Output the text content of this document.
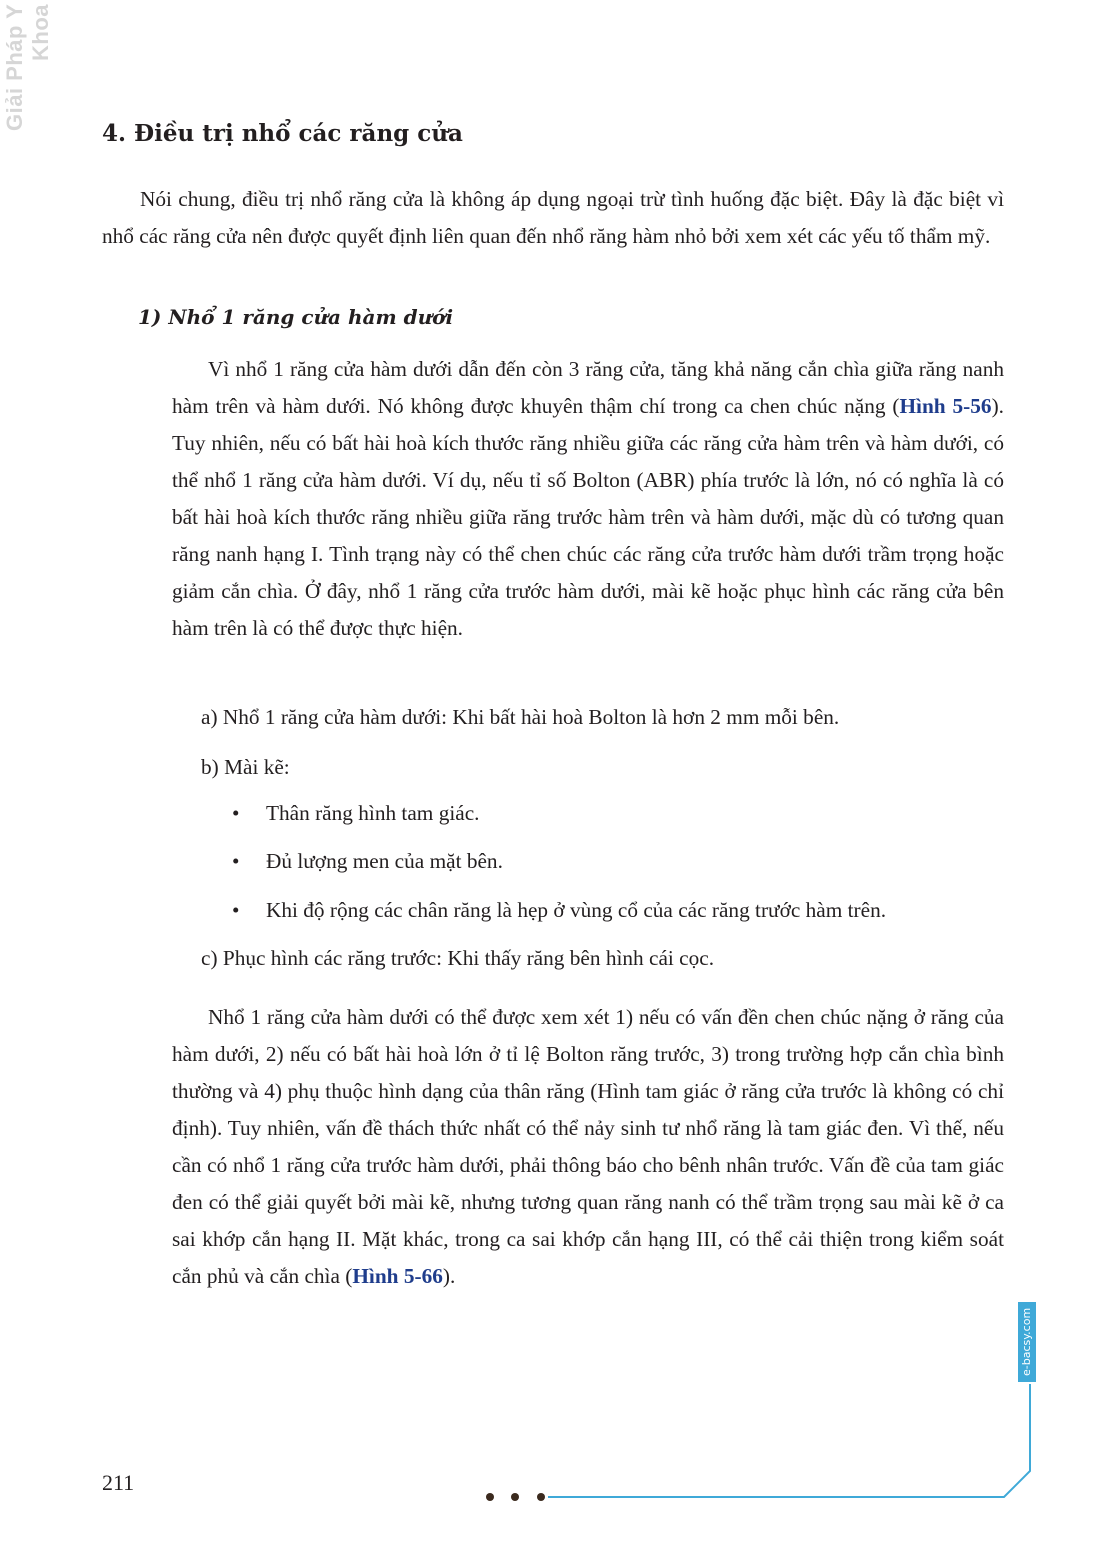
Giải Pháp Y Khoa
4. Điều trị nhổ các răng cửa

Nói chung, điều trị nhổ răng cửa là không áp dụng ngoại trừ tình huống đặc biệt. Đây là đặc biệt vì nhổ các răng cửa nên được quyết định liên quan đến nhổ răng hàm nhỏ bởi xem xét các yếu tố thẩm mỹ.

1) Nhổ 1 răng cửa hàm dưới

Vì nhổ 1 răng cửa hàm dưới dẫn đến còn 3 răng cửa, tăng khả năng cắn chìa giữa răng nanh hàm trên và hàm dưới. Nó không được khuyên thậm chí trong ca chen chúc nặng (Hình 5-56). Tuy nhiên, nếu có bất hài hoà kích thước răng nhiều giữa các răng cửa hàm trên và hàm dưới, có thể nhổ 1 răng cửa hàm dưới. Ví dụ, nếu tỉ số Bolton (ABR) phía trước là lớn, nó có nghĩa là có bất hài hoà kích thước răng nhiều giữa răng trước hàm trên và hàm dưới, mặc dù có tương quan răng nanh hạng I. Tình trạng này có thể chen chúc các răng cửa trước hàm dưới trầm trọng hoặc giảm cắn chìa. Ở đây, nhổ 1 răng cửa trước hàm dưới, mài kẽ hoặc phục hình các răng cửa bên hàm trên là có thể được thực hiện.

a) Nhổ 1 răng cửa hàm dưới: Khi bất hài hoà Bolton là hơn 2 mm mỗi bên.

b) Mài kẽ:

• Thân răng hình tam giác.
• Đủ lượng men của mặt bên.
• Khi độ rộng các chân răng là hẹp ở vùng cổ của các răng trước hàm trên.

c) Phục hình các răng trước: Khi thấy răng bên hình cái cọc.

Nhổ 1 răng cửa hàm dưới có thể được xem xét 1) nếu có vấn đền chen chúc nặng ở răng của hàm dưới, 2) nếu có bất hài hoà lớn ở tỉ lệ Bolton răng trước, 3) trong trường hợp cắn chìa bình thường và 4) phụ thuộc hình dạng của thân răng (Hình tam giác ở răng cửa trước là không có chỉ định). Tuy nhiên, vấn đề thách thức nhất có thể nảy sinh tư nhổ răng là tam giác đen. Vì thế, nếu cần có nhổ 1 răng cửa trước hàm dưới, phải thông báo cho bênh nhân trước. Vấn đề của tam giác đen có thể giải quyết bởi mài kẽ, nhưng tương quan răng nanh có thể trầm trọng sau mài kẽ ở ca sai khớp cắn hạng II. Mặt khác, trong ca sai khớp cắn hạng III, có thể cải thiện trong kiểm soát cắn phủ và cắn chìa (Hình 5-66).

e-bacsy.com

211
